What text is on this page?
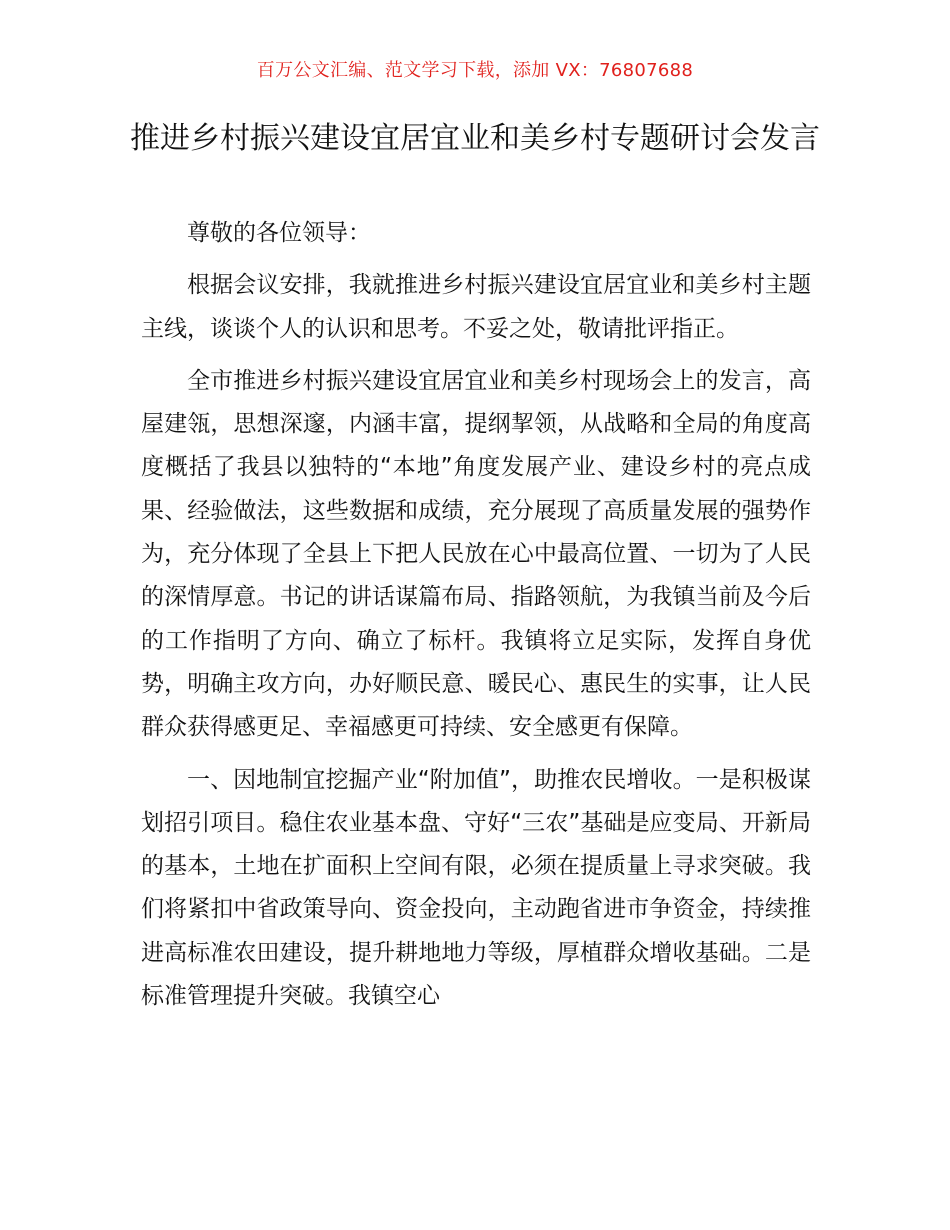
百万公文汇编、范文学习下载，添加 VX：76807688
推进乡村振兴建设宜居宜业和美乡村专题研讨会发言

尊敬的各位领导：

根据会议安排，我就推进乡村振兴建设宜居宜业和美乡村主题主线，谈谈个人的认识和思考。不妥之处，敬请批评指正。

全市推进乡村振兴建设宜居宜业和美乡村现场会上的发言，高屋建瓴，思想深邃，内涵丰富，提纲挈领，从战略和全局的角度高度概括了我县以独特的“本地”角度发展产业、建设乡村的亮点成果、经验做法，这些数据和成绩，充分展现了高质量发展的强势作为，充分体现了全县上下把人民放在心中最高位置、一切为了人民的深情厚意。书记的讲话谋篇布局、指路领航，为我镇当前及今后的工作指明了方向、确立了标杆。我镇将立足实际，发挥自身优势，明确主攻方向，办好顺民意、暖民心、惠民生的实事，让人民群众获得感更足、幸福感更可持续、安全感更有保障。

一、因地制宜挖掘产业“附加值”，助推农民增收。一是积极谋划招引项目。稳住农业基本盘、守好“三农”基础是应变局、开新局的基本，土地在扩面积上空间有限，必须在提质量上寻求突破。我们将紧扣中省政策导向、资金投向，主动跑省进市争资金，持续推进高标准农田建设，提升耕地地力等级，厚植群众增收基础。二是标准管理提升突破。我镇空心
